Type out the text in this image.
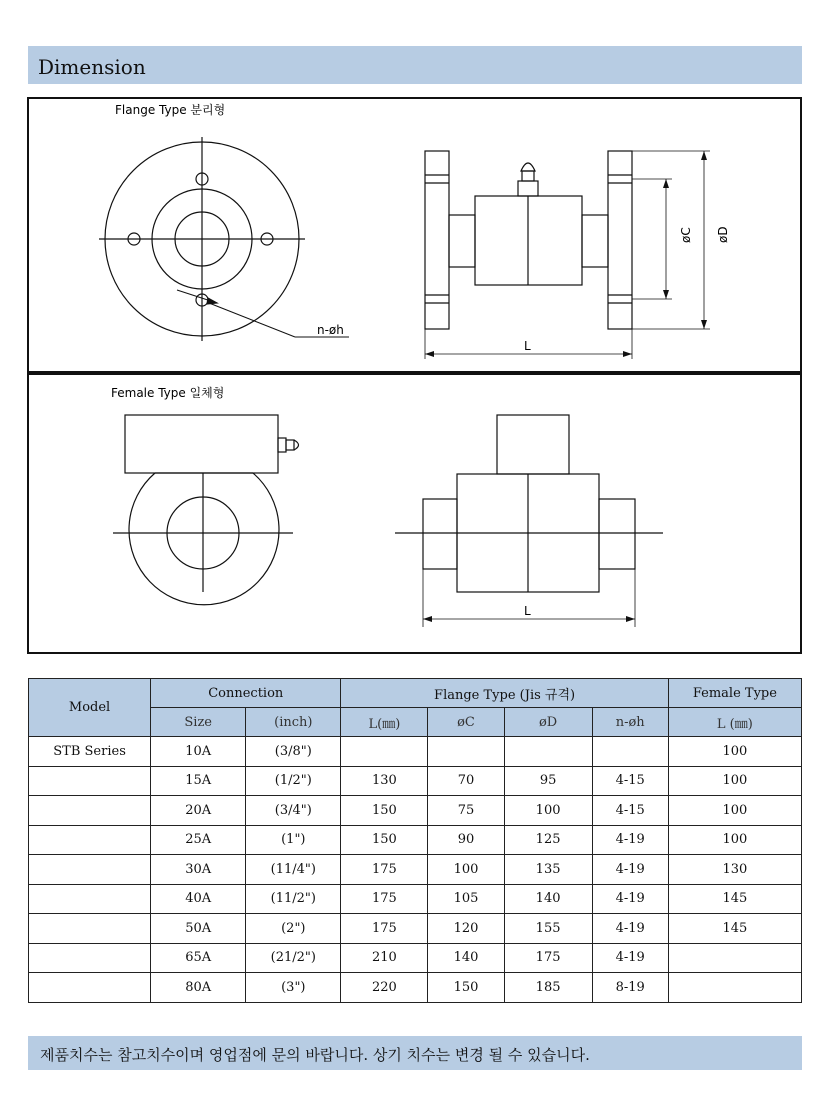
Dimension
Flange Type 분리형
Female Type 일체형
n-øh
øC øD
L
L
Model	Connection		Flange Type (Jis 규격)				Female Type
	Size	(inch)	L(㎜)	øC	øD	n-øh	L (㎜)
STB Series	10A	(3/8")					100
	15A	(1/2")	130	70	95	4-15	100
	20A	(3/4")	150	75	100	4-15	100
	25A	(1")	150	90	125	4-19	100
	30A	(11/4")	175	100	135	4-19	130
	40A	(11/2")	175	105	140	4-19	145
	50A	(2")	175	120	155	4-19	145
	65A	(21/2")	210	140	175	4-19	
	80A	(3")	220	150	185	8-19	
제품치수는 참고치수이며 영업점에 문의 바랍니다. 상기 치수는 변경 될 수 있습니다.
